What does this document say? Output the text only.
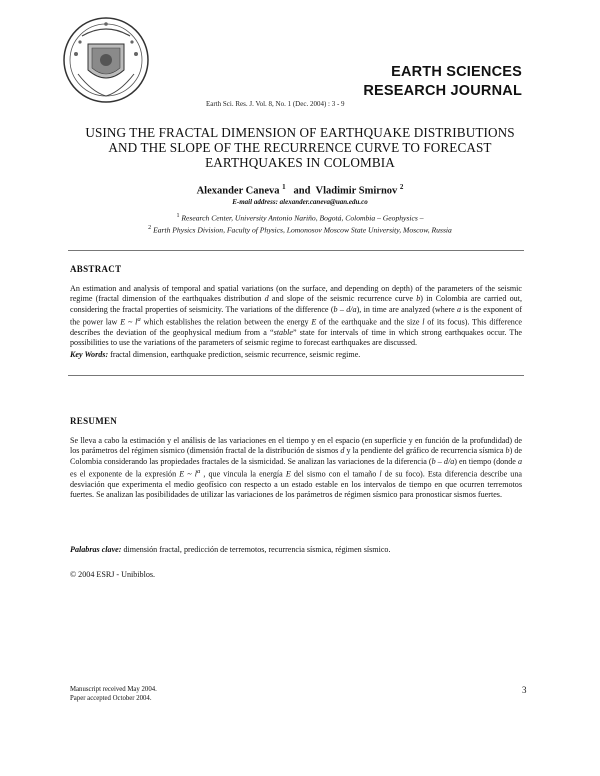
EARTH SCIENCES
RESEARCH JOURNAL
Earth Sci. Res. J. Vol. 8, No. 1 (Dec. 2004) : 3 - 9
USING THE FRACTAL DIMENSION OF EARTHQUAKE DISTRIBUTIONS
AND THE SLOPE OF THE RECURRENCE CURVE TO FORECAST
EARTHQUAKES IN COLOMBIA
Alexander Caneva $^1$ and Vladimir Smirnov $^2$
E-mail address: alexander.caneva@uan.edu.co
$^1$ Research Center, University Antonio Nariño, Bogotá, Colombia – Geophysics –
$^2$ Earth Physics Division, Faculty of Physics, Lomonosov Moscow State University, Moscow, Russia
ABSTRACT
An estimation and analysis of temporal and spatial variations (on the surface, and depending on depth) of the parameters of the seismic regime (fractal dimension of the earthquakes distribution d and slope of the seismic recurrence curve b) in Colombia are carried out, considering the fractal properties of seismicity. The variations of the difference (b – d/a), in time are analyzed (where a is the exponent of the power law E ~ $l^a$ which establishes the relation between the energy E of the earthquake and the size l of its focus). This difference describes the deviation of the geophysical medium from a “stable” state for intervals of time in which strong earthquakes occur. The possibilities to use the variations of the parameters of seismic regime to forecast earthquakes are discussed.
Key Words: fractal dimension, earthquake prediction, seismic recurrence, seismic regime.
RESUMEN
Se lleva a cabo la estimación y el análisis de las variaciones en el tiempo y en el espacio (en superficie y en función de la profundidad) de los parámetros del régimen sísmico (dimensión fractal de la distribución de sismos d y la pendiente del gráfico de recurrencia sísmica b) de Colombia considerando las propiedades fractales de la sismicidad. Se analizan las variaciones de la diferencia (b – d/a) en tiempo (donde a es el exponente de la expresión E ~ $l^a$ , que vincula la energía E del sismo con el tamaño l de su foco). Esta diferencia describe una desviación que experimenta el medio geofísico con respecto a un estado estable en los intervalos de tiempo en que ocurren terremotos fuertes. Se analizan las posibilidades de utilizar las variaciones de los parámetros de régimen sísmico para pronosticar sismos fuertes.
Palabras clave: dimensión fractal, predicción de terremotos, recurrencia sísmica, régimen sísmico.
© 2004 ESRJ - Unibiblos.
Manuscript received May 2004.
Paper accepted October 2004.
3
